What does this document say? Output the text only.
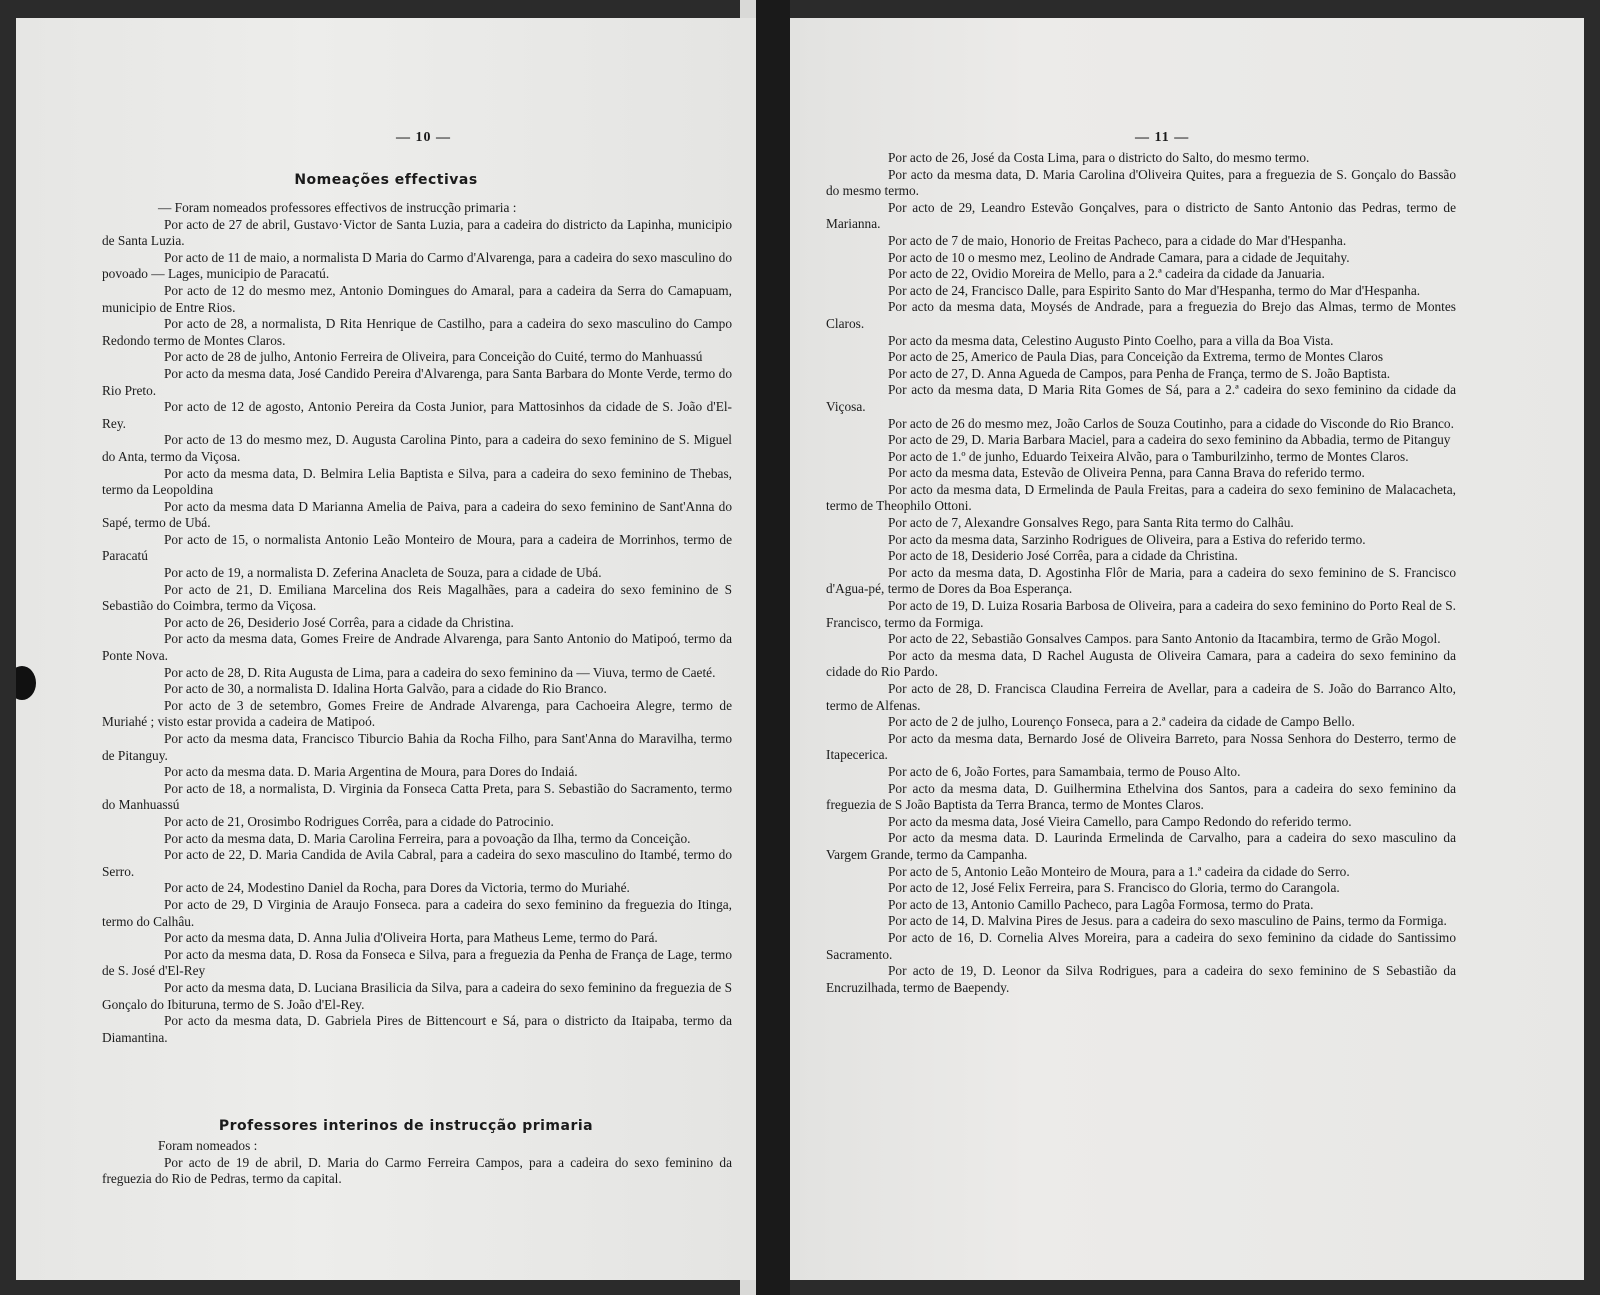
— 10 —
Nomeações effectivas

— Foram nomeados professores effectivos de instrucção primaria :

Por acto de 27 de abril, Gustavo·Victor de Santa Luzia, para a cadeira do districto da Lapinha, municipio de Santa Luzia.

Por acto de 11 de maio, a normalista D Maria do Carmo d'Alvarenga, para a cadeira do sexo masculino do povoado — Lages, municipio de Paracatú.

Por acto de 12 do mesmo mez, Antonio Domingues do Amaral, para a cadeira da Serra do Camapuam, municipio de Entre Rios.

Por acto de 28, a normalista, D Rita Henrique de Castilho, para a cadeira do sexo masculino do Campo Redondo termo de Montes Claros.

Por acto de 28 de julho, Antonio Ferreira de Oliveira, para Conceição do Cuité, termo do Manhuassú

Por acto da mesma data, José Candido Pereira d'Alvarenga, para Santa Barbara do Monte Verde, termo do Rio Preto.

Por acto de 12 de agosto, Antonio Pereira da Costa Junior, para Mattosinhos da cidade de S. João d'El-Rey.

Por acto de 13 do mesmo mez, D. Augusta Carolina Pinto, para a cadeira do sexo feminino de S. Miguel do Anta, termo da Viçosa.

Por acto da mesma data, D. Belmira Lelia Baptista e Silva, para a cadeira do sexo feminino de Thebas, termo da Leopoldina

Por acto da mesma data D Marianna Amelia de Paiva, para a cadeira do sexo feminino de Sant'Anna do Sapé, termo de Ubá.

Por acto de 15, o normalista Antonio Leão Monteiro de Moura, para a cadeira de Morrinhos, termo de Paracatú

Por acto de 19, a normalista D. Zeferina Anacleta de Souza, para a cidade de Ubá.

Por acto de 21, D. Emiliana Marcelina dos Reis Magalhães, para a cadeira do sexo feminino de S Sebastião do Coimbra, termo da Viçosa.

Por acto de 26, Desiderio José Corrêa, para a cidade da Christina.

Por acto da mesma data, Gomes Freire de Andrade Alvarenga, para Santo Antonio do Matipoó, termo da Ponte Nova.

Por acto de 28, D. Rita Augusta de Lima, para a cadeira do sexo feminino da — Viuva, termo de Caeté.

Por acto de 30, a normalista D. Idalina Horta Galvão, para a cidade do Rio Branco.

Por acto de 3 de setembro, Gomes Freire de Andrade Alvarenga, para Cachoeira Alegre, termo de Muriahé ; visto estar provida a cadeira de Matipoó.

Por acto da mesma data, Francisco Tiburcio Bahia da Rocha Filho, para Sant'Anna do Maravilha, termo de Pitanguy.

Por acto da mesma data. D. Maria Argentina de Moura, para Dores do Indaiá.

Por acto de 18, a normalista, D. Virginia da Fonseca Catta Preta, para S. Sebastião do Sacramento, termo do Manhuassú

Por acto de 21, Orosimbo Rodrigues Corrêa, para a cidade do Patrocinio.

Por acto da mesma data, D. Maria Carolina Ferreira, para a povoação da Ilha, termo da Conceição.

Por acto de 22, D. Maria Candida de Avila Cabral, para a cadeira do sexo masculino do Itambé, termo do Serro.

Por acto de 24, Modestino Daniel da Rocha, para Dores da Victoria, termo do Muriahé.

Por acto de 29, D Virginia de Araujo Fonseca. para a cadeira do sexo feminino da freguezia do Itinga, termo do Calhâu.

Por acto da mesma data, D. Anna Julia d'Oliveira Horta, para Matheus Leme, termo do Pará.

Por acto da mesma data, D. Rosa da Fonseca e Silva, para a freguezia da Penha de França de Lage, termo de S. José d'El-Rey

Por acto da mesma data, D. Luciana Brasilicia da Silva, para a cadeira do sexo feminino da freguezia de S Gonçalo do Ibituruna, termo de S. João d'El-Rey.

Por acto da mesma data, D. Gabriela Pires de Bittencourt e Sá, para o districto da Itaipaba, termo da Diamantina.

Professores interinos de instrucção primaria

Foram nomeados :

Por acto de 19 de abril, D. Maria do Carmo Ferreira Campos, para a cadeira do sexo feminino da freguezia do Rio de Pedras, termo da capital.

— 11 —

Por acto de 26, José da Costa Lima, para o districto do Salto, do mesmo termo.

Por acto da mesma data, D. Maria Carolina d'Oliveira Quites, para a freguezia de S. Gonçalo do Bassão do mesmo termo.

Por acto de 29, Leandro Estevão Gonçalves, para o districto de Santo Antonio das Pedras, termo de Marianna.

Por acto de 7 de maio, Honorio de Freitas Pacheco, para a cidade do Mar d'Hespanha.

Por acto de 10 o mesmo mez, Leolino de Andrade Camara, para a cidade de Jequitahy.

Por acto de 22, Ovidio Moreira de Mello, para a 2.ª cadeira da cidade da Januaria.

Por acto de 24, Francisco Dalle, para Espirito Santo do Mar d'Hespanha, termo do Mar d'Hespanha.

Por acto da mesma data, Moysés de Andrade, para a freguezia do Brejo das Almas, termo de Montes Claros.

Por acto da mesma data, Celestino Augusto Pinto Coelho, para a villa da Boa Vista.

Por acto de 25, Americo de Paula Dias, para Conceição da Extrema, termo de Montes Claros

Por acto de 27, D. Anna Agueda de Campos, para Penha de França, termo de S. João Baptista.

Por acto da mesma data, D Maria Rita Gomes de Sá, para a 2.ª cadeira do sexo feminino da cidade da Viçosa.

Por acto de 26 do mesmo mez, João Carlos de Souza Coutinho, para a cidade do Visconde do Rio Branco.

Por acto de 29, D. Maria Barbara Maciel, para a cadeira do sexo feminino da Abbadia, termo de Pitanguy

Por acto de 1.º de junho, Eduardo Teixeira Alvão, para o Tamburilzinho, termo de Montes Claros.

Por acto da mesma data, Estevão de Oliveira Penna, para Canna Brava do referido termo.

Por acto da mesma data, D Ermelinda de Paula Freitas, para a cadeira do sexo feminino de Malacacheta, termo de Theophilo Ottoni.

Por acto de 7, Alexandre Gonsalves Rego, para Santa Rita termo do Calhâu.

Por acto da mesma data, Sarzinho Rodrigues de Oliveira, para a Estiva do referido termo.

Por acto de 18, Desiderio José Corrêa, para a cidade da Christina.

Por acto da mesma data, D. Agostinha Flôr de Maria, para a cadeira do sexo feminino de S. Francisco d'Agua-pé, termo de Dores da Boa Esperança.

Por acto de 19, D. Luiza Rosaria Barbosa de Oliveira, para a cadeira do sexo feminino do Porto Real de S. Francisco, termo da Formiga.

Por acto de 22, Sebastião Gonsalves Campos. para Santo Antonio da Itacambira, termo de Grão Mogol.

Por acto da mesma data, D Rachel Augusta de Oliveira Camara, para a cadeira do sexo feminino da cidade do Rio Pardo.

Por acto de 28, D. Francisca Claudina Ferreira de Avellar, para a cadeira de S. João do Barranco Alto, termo de Alfenas.

Por acto de 2 de julho, Lourenço Fonseca, para a 2.ª cadeira da cidade de Campo Bello.

Por acto da mesma data, Bernardo José de Oliveira Barreto, para Nossa Senhora do Desterro, termo de Itapecerica.

Por acto de 6, João Fortes, para Samambaia, termo de Pouso Alto.

Por acto da mesma data, D. Guilhermina Ethelvina dos Santos, para a cadeira do sexo feminino da freguezia de S João Baptista da Terra Branca, termo de Montes Claros.

Por acto da mesma data, José Vieira Camello, para Campo Redondo do referido termo.

Por acto da mesma data. D. Laurinda Ermelinda de Carvalho, para a cadeira do sexo masculino da Vargem Grande, termo da Campanha.

Por acto de 5, Antonio Leão Monteiro de Moura, para a 1.ª cadeira da cidade do Serro.

Por acto de 12, José Felix Ferreira, para S. Francisco do Gloria, termo do Carangola.

Por acto de 13, Antonio Camillo Pacheco, para Lagôa Formosa, termo do Prata.

Por acto de 14, D. Malvina Pires de Jesus. para a cadeira do sexo masculino de Pains, termo da Formiga.

Por acto de 16, D. Cornelia Alves Moreira, para a cadeira do sexo feminino da cidade do Santissimo Sacramento.

Por acto de 19, D. Leonor da Silva Rodrigues, para a cadeira do sexo feminino de S Sebastião da Encruzilhada, termo de Baependy.
